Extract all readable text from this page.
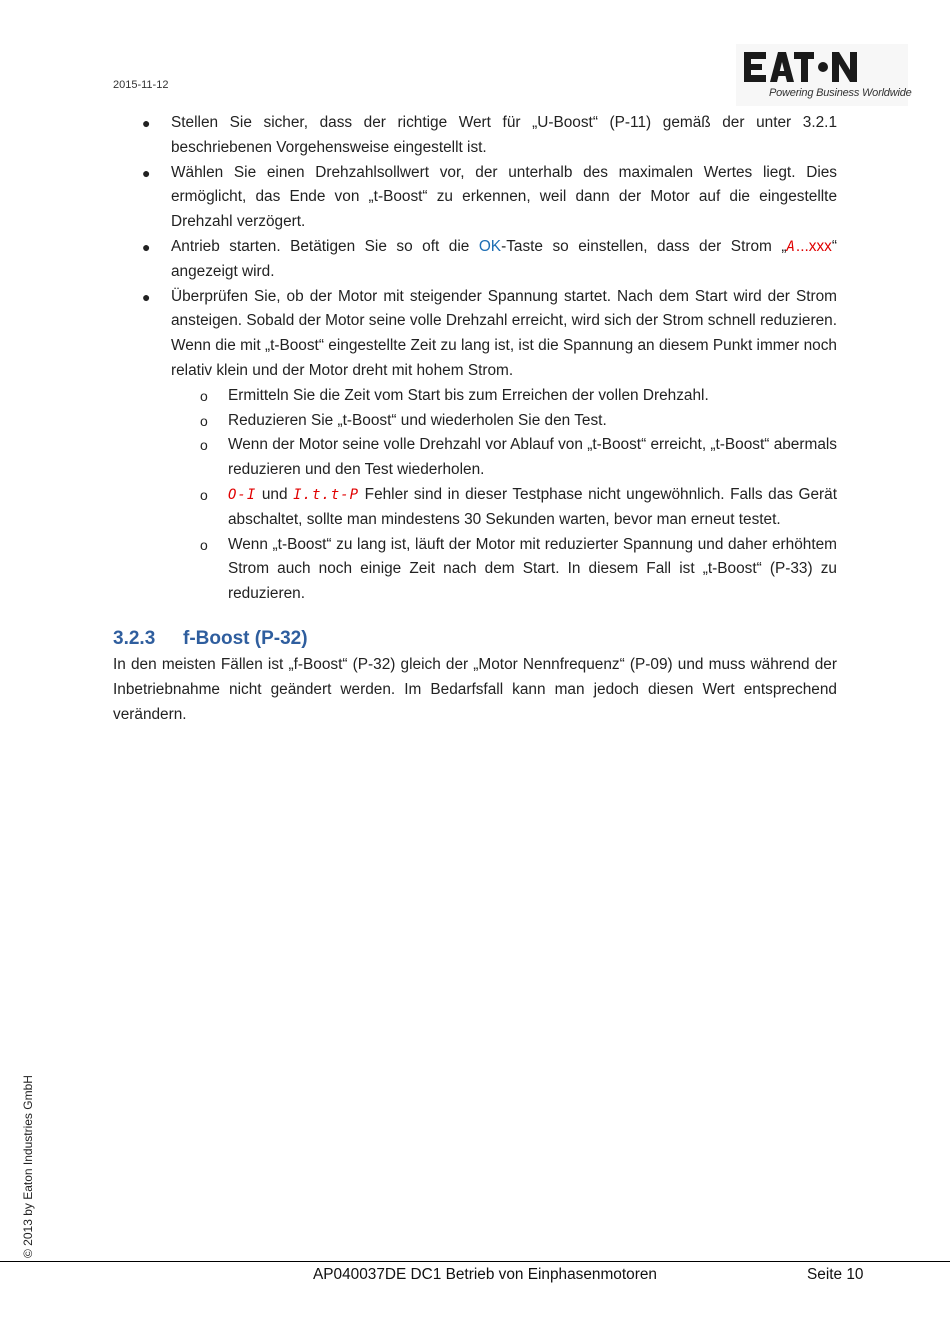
2015-11-12
Powering Business Worldwide
● Stellen Sie sicher, dass der richtige Wert für „U-Boost“ (P-11) gemäß der unter 3.2.1 beschriebenen Vorgehensweise eingestellt ist.
● Wählen Sie einen Drehzahlsollwert vor, der unterhalb des maximalen Wertes liegt. Dies ermöglicht, das Ende von „t-Boost“ zu erkennen, weil dann der Motor auf die eingestellte Drehzahl verzögert.
● Antrieb starten. Betätigen Sie so oft die OK-Taste so einstellen, dass der Strom „A...xxx“ angezeigt wird.
● Überprüfen Sie, ob der Motor mit steigender Spannung startet. Nach dem Start wird der Strom ansteigen. Sobald der Motor seine volle Drehzahl erreicht, wird sich der Strom schnell reduzieren. Wenn die mit „t-Boost“ eingestellte Zeit zu lang ist, ist die Spannung an diesem Punkt immer noch relativ klein und der Motor dreht mit hohem Strom.
o Ermitteln Sie die Zeit vom Start bis zum Erreichen der vollen Drehzahl.
o Reduzieren Sie „t-Boost“ und wiederholen Sie den Test.
o Wenn der Motor seine volle Drehzahl vor Ablauf von „t-Boost“ erreicht, „t-Boost“ abermals reduzieren und den Test wiederholen.
o O-I und I.t.t-P Fehler sind in dieser Testphase nicht ungewöhnlich. Falls das Gerät abschaltet, sollte man mindestens 30 Sekunden warten, bevor man erneut testet.
o Wenn „t-Boost“ zu lang ist, läuft der Motor mit reduzierter Spannung und daher erhöhtem Strom auch noch einige Zeit nach dem Start. In diesem Fall ist „t-Boost“ (P-33) zu reduzieren.
3.2.3 f-Boost (P-32)

In den meisten Fällen ist „f-Boost“ (P-32) gleich der „Motor Nennfrequenz“ (P-09) und muss während der Inbetriebnahme nicht geändert werden. Im Bedarfsfall kann man jedoch diesen Wert entsprechend verändern.

© 2013 by Eaton Industries GmbH
AP040037DE DC1 Betrieb von Einphasenmotoren	Seite 10
